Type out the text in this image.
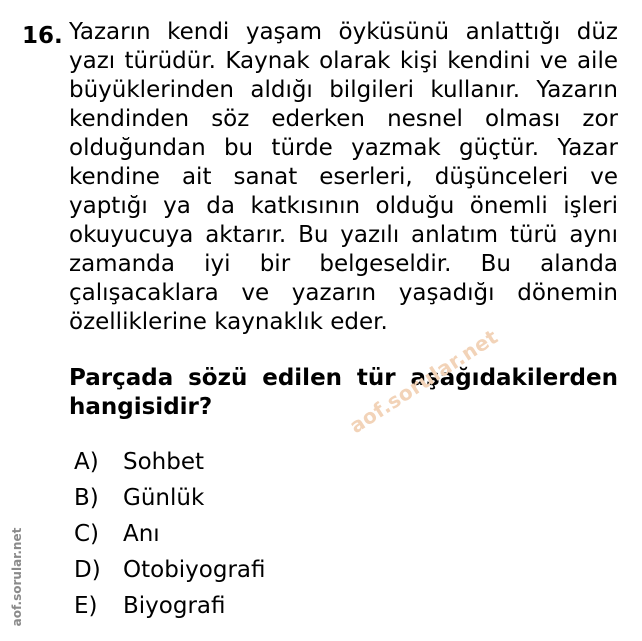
16. Yazarın kendi yaşam öyküsünü anlattığı düz yazı türüdür. Kaynak olarak kişi kendini ve aile büyüklerinden aldığı bilgileri kullanır. Yazarın kendinden söz ederken nesnel olması zor olduğundan bu türde yazmak güçtür. Yazar kendine ait sanat eserleri, düşünceleri ve yaptığı ya da katkısının olduğu önemli işleri okuyucuya aktarır. Bu yazılı anlatım türü aynı zamanda iyi bir belgeseldir. Bu alanda çalışacaklara ve yazarın yaşadığı dönemin özelliklerine kaynaklık eder.

Parçada sözü edilen tür aşağıdakilerden hangisidir?

A)	Sohbet
B)	Günlük
C)	Anı
D) Otobiyografi
E)	Biyografi
aof.sorular.net
aof.sorular.net
